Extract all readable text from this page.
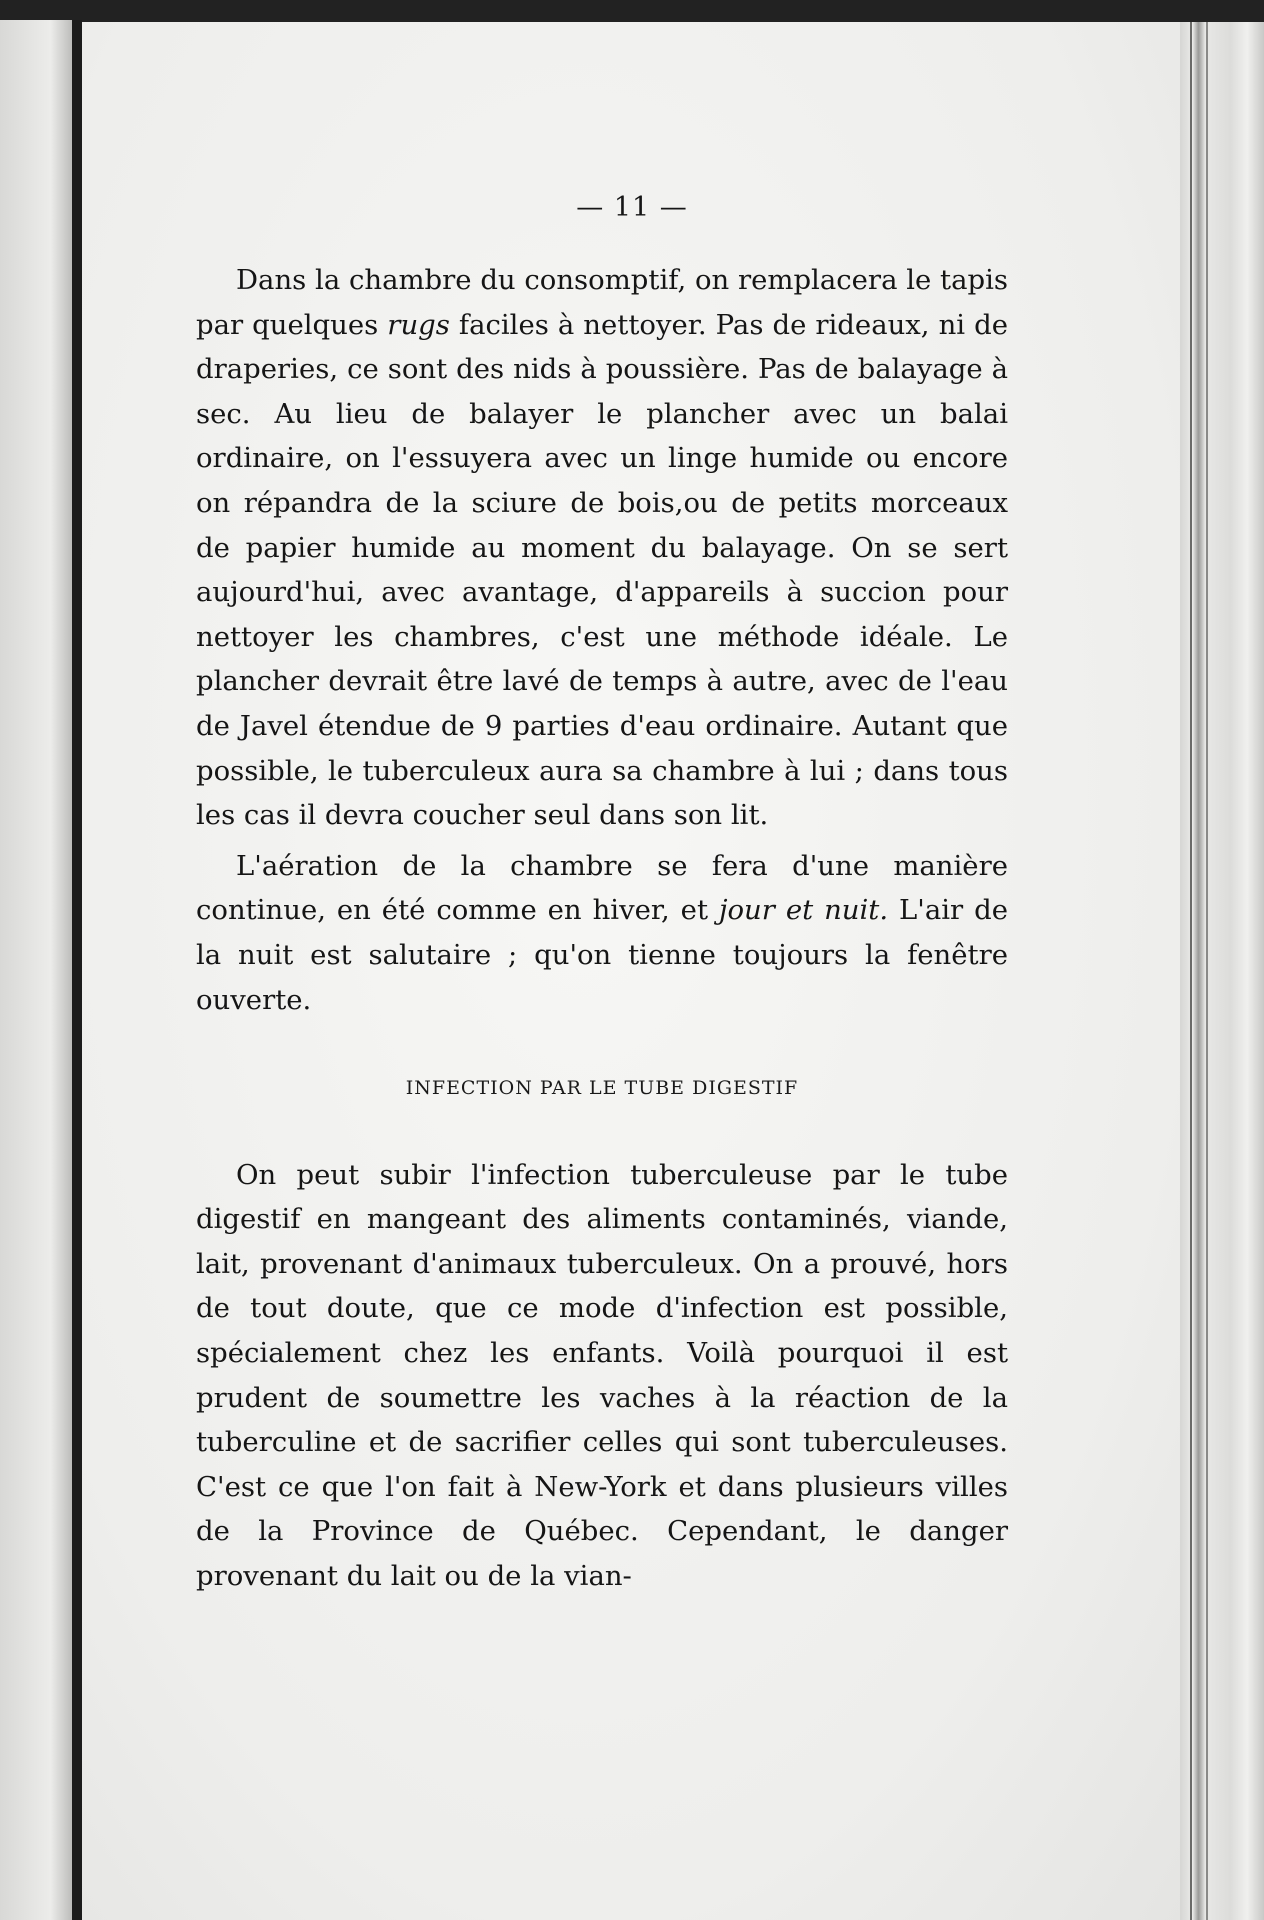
— 11 —

Dans la chambre du consomptif, on remplacera le tapis par quelques rugs faciles à nettoyer. Pas de rideaux, ni de draperies, ce sont des nids à poussière. Pas de balayage à sec. Au lieu de balayer le plancher avec un balai ordinaire, on l'essuyera avec un linge humide ou encore on répandra de la sciure de bois,ou de petits morceaux de papier humide au moment du balayage. On se sert aujourd'hui, avec avantage, d'appareils à succion pour nettoyer les chambres, c'est une méthode idéale. Le plancher devrait être lavé de temps à autre, avec de l'eau de Javel étendue de 9 parties d'eau ordinaire. Autant que possible, le tuberculeux aura sa chambre à lui ; dans tous les cas il devra coucher seul dans son lit.

L'aération de la chambre se fera d'une manière continue, en été comme en hiver, et jour et nuit. L'air de la nuit est salutaire ; qu'on tienne toujours la fenêtre ouverte.

INFECTION PAR LE TUBE DIGESTIF

On peut subir l'infection tuberculeuse par le tube digestif en mangeant des aliments contaminés, viande, lait, provenant d'animaux tuberculeux. On a prouvé, hors de tout doute, que ce mode d'infection est possible, spécialement chez les enfants. Voilà pourquoi il est prudent de soumettre les vaches à la réaction de la tuberculine et de sacrifier celles qui sont tuberculeuses. C'est ce que l'on fait à New-York et dans plusieurs villes de la Province de Québec. Cependant, le danger provenant du lait ou de la vian-
